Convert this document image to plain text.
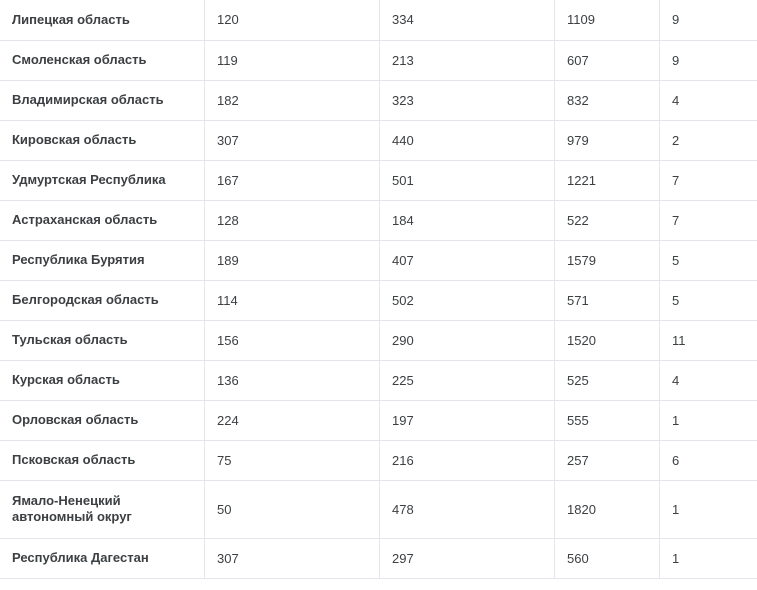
Липецкая область	120	334	1109	9
Смоленская область	119	213	607	9
Владимирская область	182	323	832	4
Кировская область	307	440	979	2
Удмуртская Республика	167	501	1221	7
Астраханская область	128	184	522	7
Республика Бурятия	189	407	1579	5
Белгородская область	114	502	571	5
Тульская область	156	290	1520	11
Курская область	136	225	525	4
Орловская область	224	197	555	1
Псковская область	75	216	257	6
Ямало-Ненецкий автономный округ	50	478	1820	1
Республика Дагестан	307	297	560	1
